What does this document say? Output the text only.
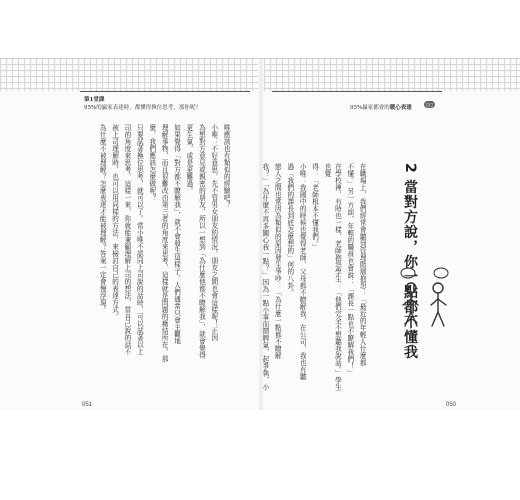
·
第1堂課
95%的贏家表達時，都懂得換位思考，那你呢？	95%贏家都會的暖心表達
□□
2 當對方說，你一點都不懂我

在職場上，我們經常會聽到管理階層抱怨：「最近的年輕人什麼都
不懂。」另一方面，年輕的職員也會說：「課長一點也不瞭解我們！」
在學校裡，有時也一樣，老師抱怨學生：「他們完全不想聽我說話。」學生也覺
得：「老師根本不懂我們。」
小唯：我國中的時候也覺得老師、父母都不瞭解我，在公司，我也有聽
過「我們的課長到底怎麼想的」何的八卦。
戀人之間也常因為類似的原因發生爭吵：「為什麼一點都不瞭解
我？」「為什麼不再多關心我一點？」因為一點小事而鬧脾氣，起爭執，小

唯應該也有類似的經驗吧？
小唯：不好意思，先不管男女朋友的情況，朋友之間也會這樣呢！正因
為想對方意見或親密的朋友，所以一想到「為什麼他都不瞭解我」，就會覺得
更生氣，或是更難過。
如果覺得「對方都不瞭解我」，就不會發生這樣子。人們通常只會主觀地
理解事物，而且很難改由第三者的角度來思考，這樣就是問題的癥結所在。那
麼，我們應該怎麼做呢？
只要試著換位思考，就可以了。當小唯不認同上司說的話時，可以試著以上
司的角度來思考，這樣一來，你就能兼顧理解上司的想法，當自己說的話不
被上司理解時，也可以用同樣的方法，來檢討自己的表達方式。
為什麼不被理解？怎麼表達才能被理解？答案一定會慢浮現。

051	050
